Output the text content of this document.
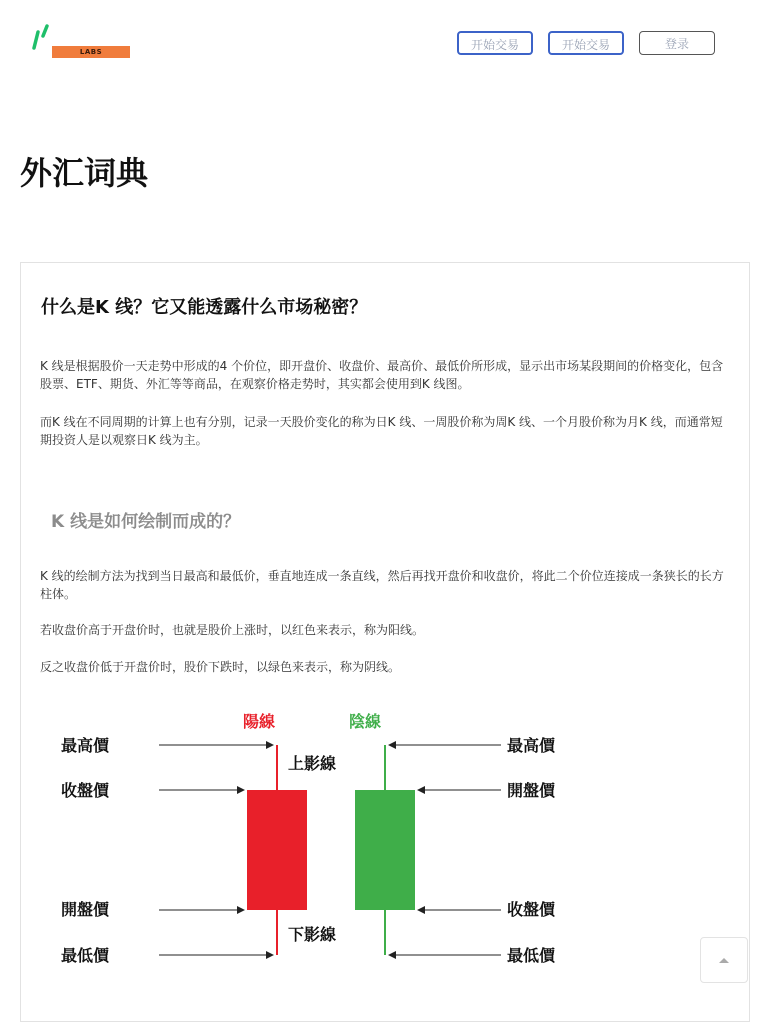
LABS	开始交易	开始交易	登录
外汇词典
什么是K 线？它又能透露什么市场秘密？

K 线是根据股价一天走势中形成的4 个价位，即开盘价、收盘价、最高价、最低价所形成，显示出市场某段期间的价格变化，包含股票、ETF、期货、外汇等等商品，在观察价格走势时，其实都会使用到K 线图。

而K 线在不同周期的计算上也有分别，记录一天股价变化的称为日K 线、一周股价称为周K 线、一个月股价称为月K 线，而通常短期投资人是以观察日K 线为主。

K 线是如何绘制而成的？

K 线的绘制方法为找到当日最高和最低价，垂直地连成一条直线，然后再找开盘价和收盘价，将此二个价位连接成一条狭长的长方柱体。

若收盘价高于开盘价时，也就是股价上涨时，以红色来表示，称为阳线。

反之收盘价低于开盘价时，股价下跌时，以绿色来表示，称为阴线。

陽線	陰線
上影線
下影線
最高價
收盤價
開盤價
最低價
最高價
開盤價
收盤價
最低價
